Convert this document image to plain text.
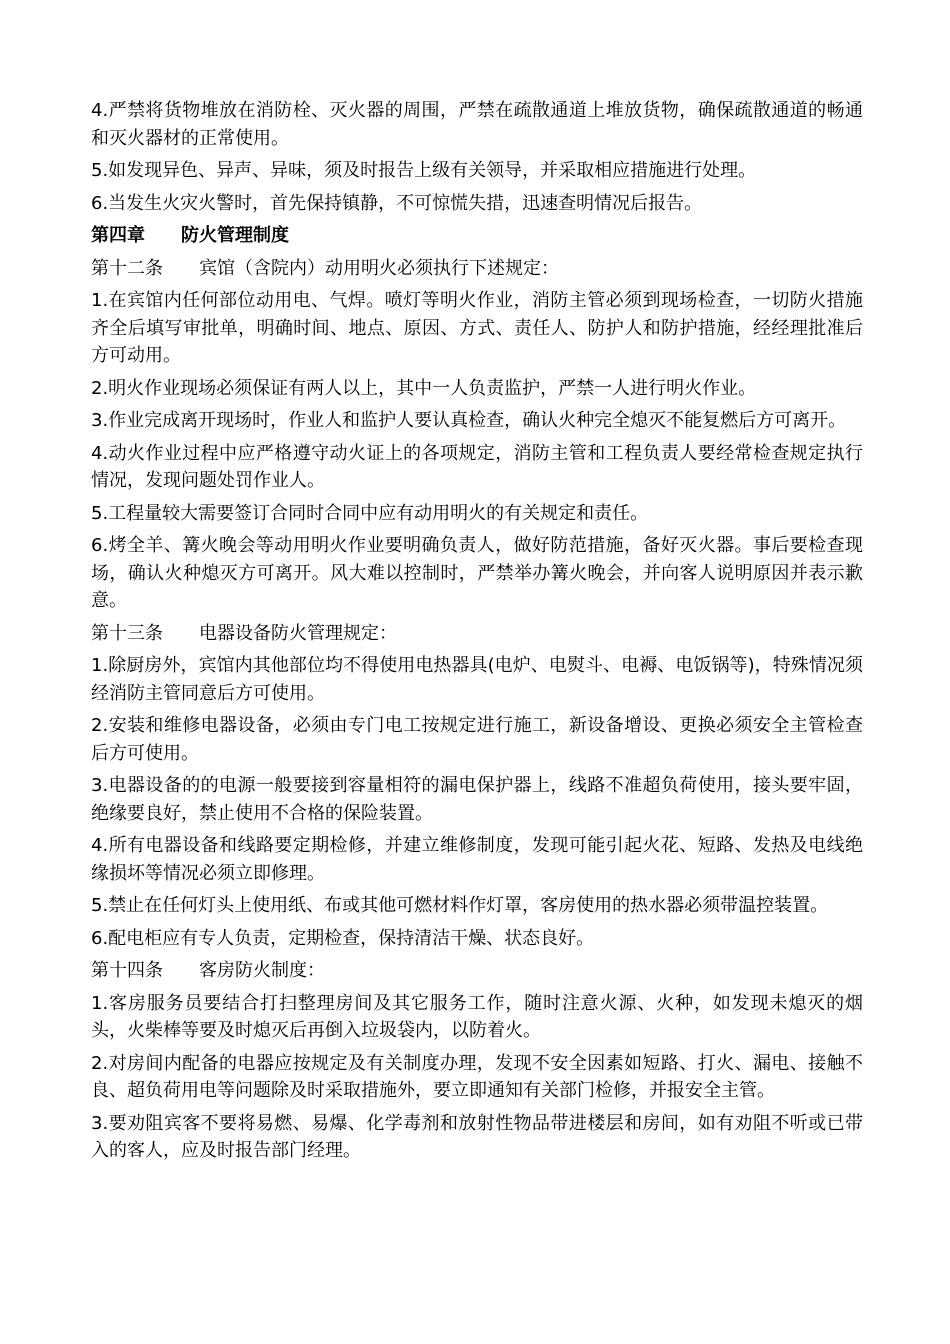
4.严禁将货物堆放在消防栓、灭火器的周围，严禁在疏散通道上堆放货物，确保疏散通道的畅通和灭火器材的正常使用。

5.如发现异色、异声、异味，须及时报告上级有关领导，并采取相应措施进行处理。

6.当发生火灾火警时，首先保持镇静，不可惊慌失措，迅速查明情况后报告。

第四章 防火管理制度

第十二条 宾馆（含院内）动用明火必须执行下述规定：

1.在宾馆内任何部位动用电、气焊。喷灯等明火作业，消防主管必须到现场检查，一切防火措施齐全后填写审批单，明确时间、地点、原因、方式、责任人、防护人和防护措施，经经理批准后方可动用。

2.明火作业现场必须保证有两人以上，其中一人负责监护，严禁一人进行明火作业。

3.作业完成离开现场时，作业人和监护人要认真检查，确认火种完全熄灭不能复燃后方可离开。

4.动火作业过程中应严格遵守动火证上的各项规定，消防主管和工程负责人要经常检查规定执行情况，发现问题处罚作业人。

5.工程量较大需要签订合同时合同中应有动用明火的有关规定和责任。

6.烤全羊、篝火晚会等动用明火作业要明确负责人，做好防范措施，备好灭火器。事后要检查现场，确认火种熄灭方可离开。风大难以控制时，严禁举办篝火晚会，并向客人说明原因并表示歉意。

第十三条 电器设备防火管理规定：

1.除厨房外，宾馆内其他部位均不得使用电热器具(电炉、电熨斗、电褥、电饭锅等)，特殊情况须经消防主管同意后方可使用。

2.安装和维修电器设备，必须由专门电工按规定进行施工，新设备增设、更换必须安全主管检查后方可使用。

3.电器设备的的电源一般要接到容量相符的漏电保护器上，线路不准超负荷使用，接头要牢固，绝缘要良好，禁止使用不合格的保险装置。

4.所有电器设备和线路要定期检修，并建立维修制度，发现可能引起火花、短路、发热及电线绝缘损坏等情况必须立即修理。

5.禁止在任何灯头上使用纸、布或其他可燃材料作灯罩，客房使用的热水器必须带温控装置。

6.配电柜应有专人负责，定期检查，保持清洁干燥、状态良好。

第十四条 客房防火制度：

1.客房服务员要结合打扫整理房间及其它服务工作，随时注意火源、火种，如发现未熄灭的烟头，火柴棒等要及时熄灭后再倒入垃圾袋内，以防着火。

2.对房间内配备的电器应按规定及有关制度办理，发现不安全因素如短路、打火、漏电、接触不良、超负荷用电等问题除及时采取措施外，要立即通知有关部门检修，并报安全主管。

3.要劝阻宾客不要将易燃、易爆、化学毒剂和放射性物品带进楼层和房间，如有劝阻不听或已带入的客人，应及时报告部门经理。
